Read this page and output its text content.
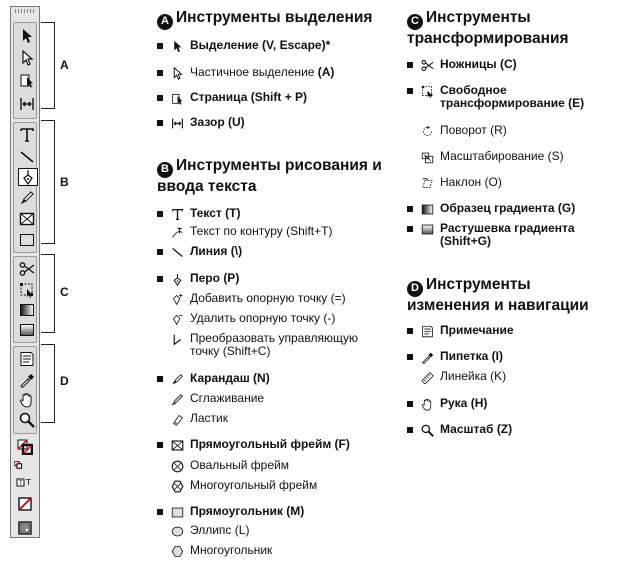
A
B
C
D
A Инструменты выделения
B Инструменты рисования и ввода текста
C Инструменты трансформирования
D Инструменты изменения и навигации
Выделение
(V, Escape)*
Частичное выделение
(A)
Страница
(Shift + P)
Зазор
(U)
Текст
(T)
Текст по контуру
(Shift+T)
Линия
(\)
Перо
(P)
Добавить опорную точку
(=)
Удалить опорную точку
(-)
Преобразовать управляющую точку (Shift+C)
Карандаш
(N)
Сглаживание
Ластик
Прямоугольный фрейм
(F)
Овальный фрейм
Многоугольный фрейм
Прямоугольник
(M)
Эллипс
(L)
Многоугольник
Ножницы
(C)
Свободное трансформирование (E)
Поворот
(R)
Масштабирование
(S)
Наклон
(O)
Образец градиента
(G)
Растушевка градиента (Shift+G)
Примечание
Пипетка
(I)
Линейка
(K)
Рука
(H)
Масштаб
(Z)
